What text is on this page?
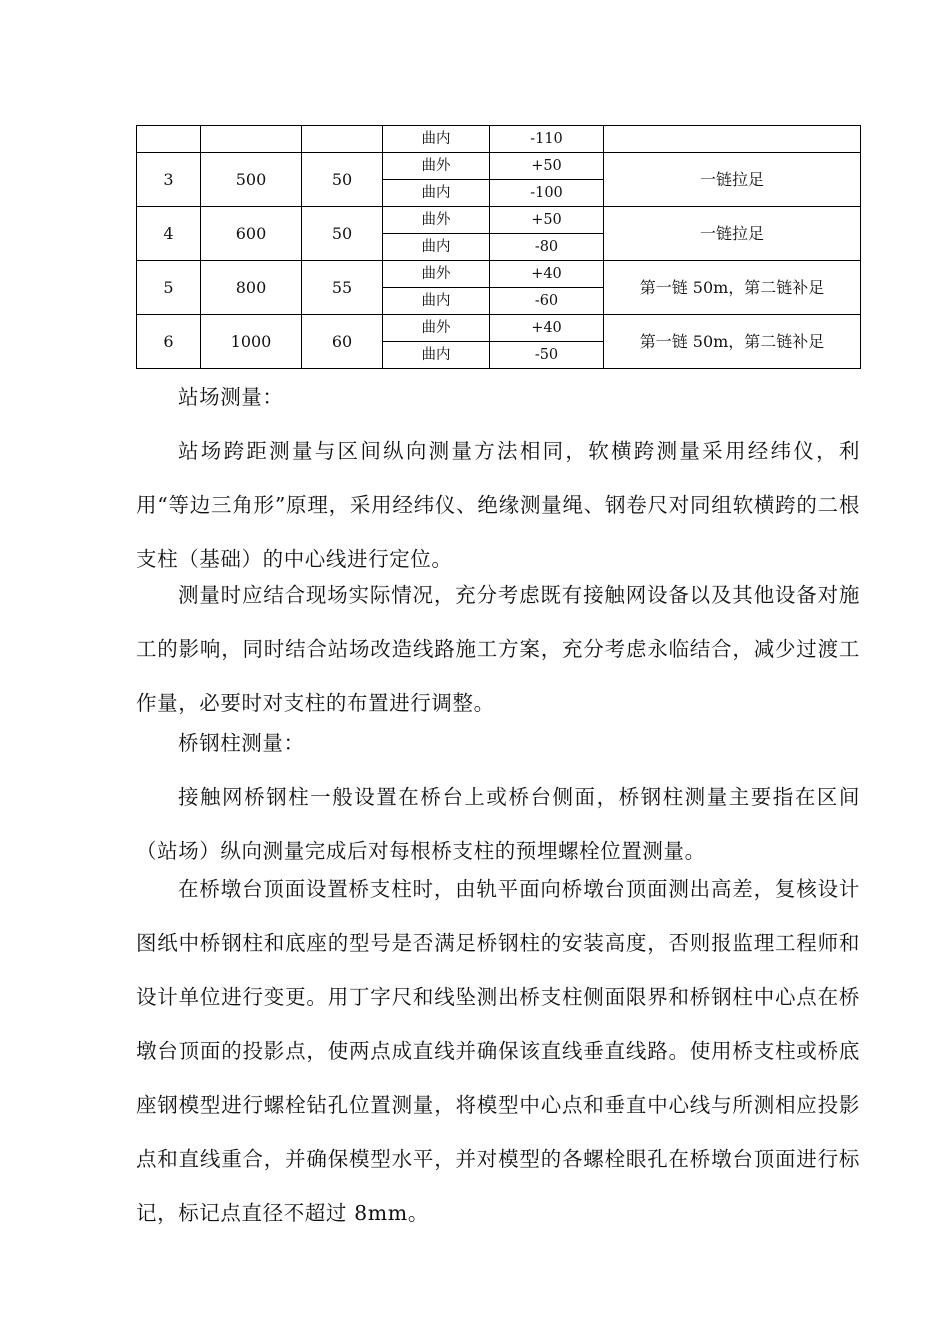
			曲内	-110	
3	500	50	曲外	+50	一链拉足
			曲内	-100	
4	600	50	曲外	+50	一链拉足
			曲内	-80	
5	800	55	曲外	+40	第一链 50m，第二链补足
			曲内	-60	
6	1000	60	曲外	+40	第一链 50m，第二链补足
			曲内	-50	

站场测量：

站场跨距测量与区间纵向测量方法相同，软横跨测量采用经纬仪，利用“等边三角形”原理，采用经纬仪、绝缘测量绳、钢卷尺对同组软横跨的二根支柱（基础）的中心线进行定位。

测量时应结合现场实际情况，充分考虑既有接触网设备以及其他设备对施工的影响，同时结合站场改造线路施工方案，充分考虑永临结合，减少过渡工作量，必要时对支柱的布置进行调整。

桥钢柱测量：

接触网桥钢柱一般设置在桥台上或桥台侧面，桥钢柱测量主要指在区间（站场）纵向测量完成后对每根桥支柱的预埋螺栓位置测量。

在桥墩台顶面设置桥支柱时，由轨平面向桥墩台顶面测出高差，复核设计图纸中桥钢柱和底座的型号是否满足桥钢柱的安装高度，否则报监理工程师和设计单位进行变更。用丁字尺和线坠测出桥支柱侧面限界和桥钢柱中心点在桥墩台顶面的投影点，使两点成直线并确保该直线垂直线路。使用桥支柱或桥底座钢模型进行螺栓钻孔位置测量，将模型中心点和垂直中心线与所测相应投影点和直线重合，并确保模型水平，并对模型的各螺栓眼孔在桥墩台顶面进行标记，标记点直径不超过 8mm。
